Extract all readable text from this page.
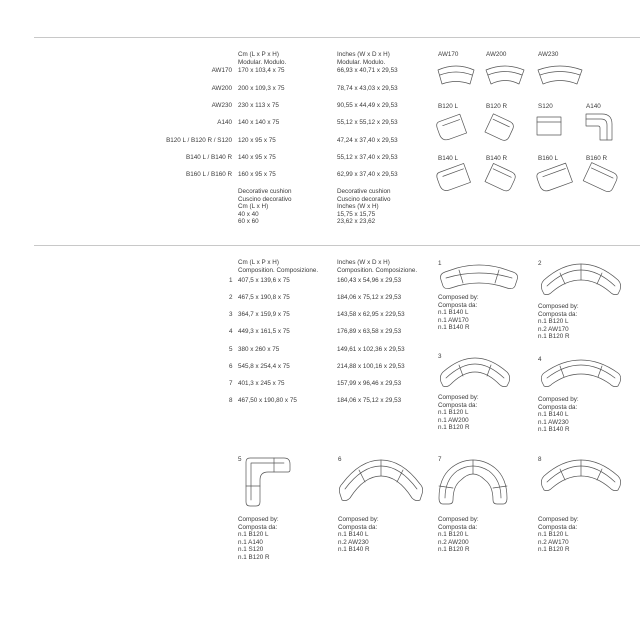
Cm (L x P x H)
Modular. Modulo.
Inches (W x D x H)
Modular. Modulo.
AW170 170 x 103,4 x 75	66,93 x 40,71 x 29,53
AW200 200 x 109,3 x 75	78,74 x 43,03 x 29,53
AW230 230 x 113 x 75	90,55 x 44,49 x 29,53
A140 140 x 140 x 75	55,12 x 55,12 x 29,53
B120 L / B120 R / S120 120 x 95 x 75	47,24 x 37,40 x 29,53
B140 L / B140 R 140 x 95 x 75	55,12 x 37,40 x 29,53
B160 L / B160 R 160 x 95 x 75	62,99 x 37,40 x 29,53
Decorative cushion
Cuscino decorativo
Cm (L x H)
40 x 40
60 x 60
Decorative cushion
Cuscino decorativo
Inches (W x H)
15,75 x 15,75
23,62 x 23,62
AW170	AW200	AW230
B120 L	B120 R	S120	A140
B140 L	B140 R	B160 L	B160 R
Cm (L x P x H)
Composition. Composizione.
Inches (W x D x H)
Composition. Composizione.
1 407,5 x 139,6 x 75	160,43 x 54,96 x 29,53
2 467,5 x 190,8 x 75	184,06 x 75,12 x 29,53
3 364,7 x 159,9 x 75	143,58 x 62,95 x 229,53
4 449,3 x 161,5 x 75	176,89 x 63,58 x 29,53
5 380 x 260 x 75	149,61 x 102,36 x 29,53
6 545,8 x 254,4 x 75	214,88 x 100,16 x 29,53
7 401,3 x 245 x 75	157,99 x 96,46 x 29,53
8 467,50 x 190,80 x 75	184,06 x 75,12 x 29,53
1
Composed by:
Composta da:
n.1 B140 L
n.1 AW170
n.1 B140 R
2
Composed by:
Composta da:
n.1 B120 L
n.2 AW170
n.1 B120 R
3
Composed by:
Composta da:
n.1 B120 L
n.1 AW200
n.1 B120 R
4
Composed by:
Composta da:
n.1 B140 L
n.1 AW230
n.1 B140 R
5
Composed by:
Composta da:
n.1 B120 L
n.1 A140
n.1 S120
n.1 B120 R
6
Composed by:
Composta da:
n.1 B140 L
n.2 AW230
n.1 B140 R
7
Composed by:
Composta da:
n.1 B120 L
n.2 AW200
n.1 B120 R
8
Composed by:
Composta da:
n.1 B120 L
n.2 AW170
n.1 B120 R
